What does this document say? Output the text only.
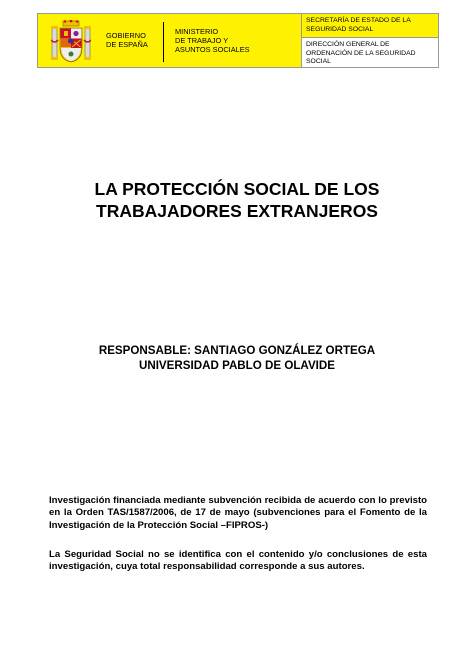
GOBIERNO
DE ESPAÑA
MINISTERIO
DE TRABAJO Y
ASUNTOS SOCIALES
SECRETARÍA DE ESTADO DE LA
SEGURIDAD SOCIAL
DIRECCIÓN GENERAL DE
ORDENACIÓN DE LA SEGURIDAD
SOCIAL
LA PROTECCIÓN SOCIAL DE LOS
TRABAJADORES EXTRANJEROS
RESPONSABLE: SANTIAGO GONZÁLEZ ORTEGA
UNIVERSIDAD PABLO DE OLAVIDE
Investigación financiada mediante subvención recibida de acuerdo con lo previsto en la Orden TAS/1587/2006, de 17 de mayo (subvenciones para el Fomento de la Investigación de la Protección Social –FIPROS-)
La Seguridad Social no se identifica con el contenido y/o conclusiones de esta investigación, cuya total responsabilidad corresponde a sus autores.
